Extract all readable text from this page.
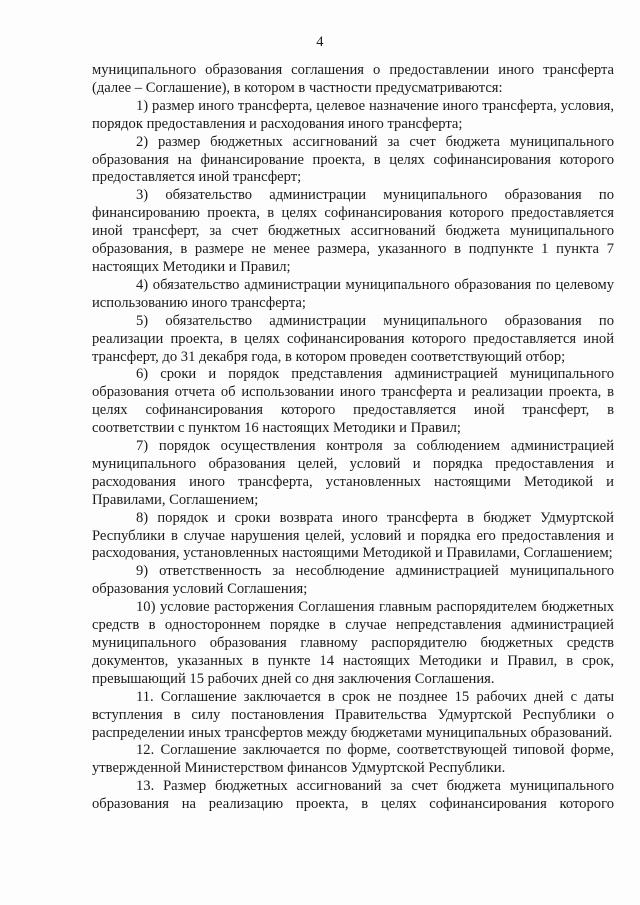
4

муниципального образования соглашения о предоставлении иного трансферта (далее – Соглашение), в котором в частности предусматриваются:

1) размер иного трансферта, целевое назначение иного трансферта, условия, порядок предоставления и расходования иного трансферта;

2) размер бюджетных ассигнований за счет бюджета муниципального образования на финансирование проекта, в целях софинансирования которого предоставляется иной трансферт;

3) обязательство администрации муниципального образования по финансированию проекта, в целях софинансирования которого предоставляется иной трансферт, за счет бюджетных ассигнований бюджета муниципального образования, в размере не менее размера, указанного в подпункте 1 пункта 7 настоящих Методики и Правил;

4) обязательство администрации муниципального образования по целевому использованию иного трансферта;

5) обязательство администрации муниципального образования по реализации проекта, в целях софинансирования которого предоставляется иной трансферт, до 31 декабря года, в котором проведен соответствующий отбор;

6) сроки и порядок представления администрацией муниципального образования отчета об использовании иного трансферта и реализации проекта, в целях софинансирования которого предоставляется иной трансферт, в соответствии с пунктом 16 настоящих Методики и Правил;

7) порядок осуществления контроля за соблюдением администрацией муниципального образования целей, условий и порядка предоставления и расходования иного трансферта, установленных настоящими Методикой и Правилами, Соглашением;

8) порядок и сроки возврата иного трансферта в бюджет Удмуртской Республики в случае нарушения целей, условий и порядка его предоставления и расходования, установленных настоящими Методикой и Правилами, Соглашением;

9) ответственность за несоблюдение администрацией муниципального образования условий Соглашения;

10) условие расторжения Соглашения главным распорядителем бюджетных средств в одностороннем порядке в случае непредставления администрацией муниципального образования главному распорядителю бюджетных средств документов, указанных в пункте 14 настоящих Методики и Правил, в срок, превышающий 15 рабочих дней со дня заключения Соглашения.

11. Соглашение заключается в срок не позднее 15 рабочих дней с даты вступления в силу постановления Правительства Удмуртской Республики о распределении иных трансфертов между бюджетами муниципальных образований.

12. Соглашение заключается по форме, соответствующей типовой форме, утвержденной Министерством финансов Удмуртской Республики.

13. Размер бюджетных ассигнований за счет бюджета муниципального образования на реализацию проекта, в целях софинансирования которого
